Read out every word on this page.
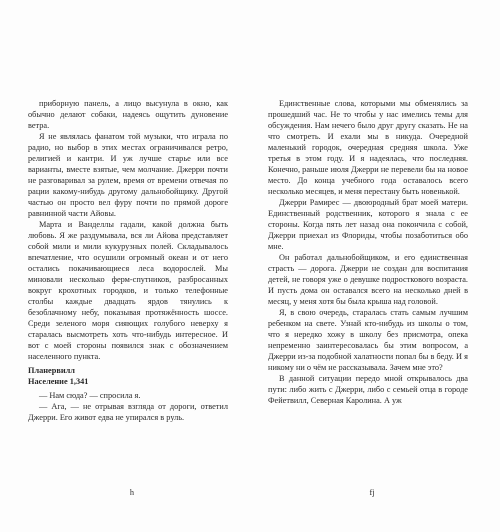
приборную панель, а лицо высунула в окно, как обычно делают собаки, надеясь ощутить дуновение ветра.

Я не являлась фанатом той музыки, что играла по радио, но выбор в этих местах ограничивался ретро, религией и кантри. И уж лучше старье или все варианты, вместе взятые, чем молчание. Джерри почти не разговаривал за рулем, время от времени отвечая по рации какому-нибудь другому дальнобойщику. Другой частью он просто вел фуру почти по прямой дороге равнинной части Айовы.

Марта и Ванделлы гадали, какой должна быть любовь. Я же раздумывала, вся ли Айова представляет собой мили и мили кукурузных полей. Складывалось впечатление, что осушили огромный океан и от него остались покачивающиеся леса водорослей. Мы миновали несколько ферм-спутников, разбросанных вокруг крохотных городков, и только телефонные столбы каждые двадцать ярдов тянулись к безоблачному небу, показывая протяжённость шоссе. Среди зеленого моря сияющих голубого неверху я старалась высмотреть хоть что-нибудь интересное. И вот с моей стороны появился знак с обозначением населенного пункта.

Планервилл

Население 1,341

— Нам сюда? — спросила я.

— Ага, — не отрывая взгляда от дороги, ответил Джерри. Его живот едва не упирался в руль.

h

Единственные слова, которыми мы обменялись за прошедший час. Не то чтобы у нас имелись темы для обсуждения. Нам нечего было друг другу сказать. Не на что смотреть. И ехали мы в никуда. Очередной маленький городок, очередная средняя школа. Уже третья в этом году. И я надеялась, что последняя. Конечно, раньше июля Джерри не перевели бы на новое место. До конца учебного года оставалось всего несколько месяцев, и меня перестану быть новенькой.

Джерри Рамирес — двоюродный брат моей матери. Единственный родственник, которого я знала с ее стороны. Когда пять лет назад она покончила с собой, Джерри приехал из Флориды, чтобы позаботиться обо мне.

Он работал дальнобойщиком, и его единственная страсть — дорога. Джерри не создан для воспитания детей, не говоря уже о девушке подросткового возраста. И пусть дома он оставался всего на несколько дней в месяц, у меня хотя бы была крыша над головой.

Я, в свою очередь, старалась стать самым лучшим ребенком на свете. Узнай кто-нибудь из школы о том, что я нередко хожу в школу без присмотра, опека непременно заинтересовалась бы этим вопросом, а Джерри из-за подобной халатности попал бы в беду. И я никому ни о чём не рассказывала. Зачем мне это?

В данной ситуации передо мной открывалось два пути: либо жить с Джерри, либо с семьей отца в городе Фейетвилл, Северная Каролина. А уж

fj
